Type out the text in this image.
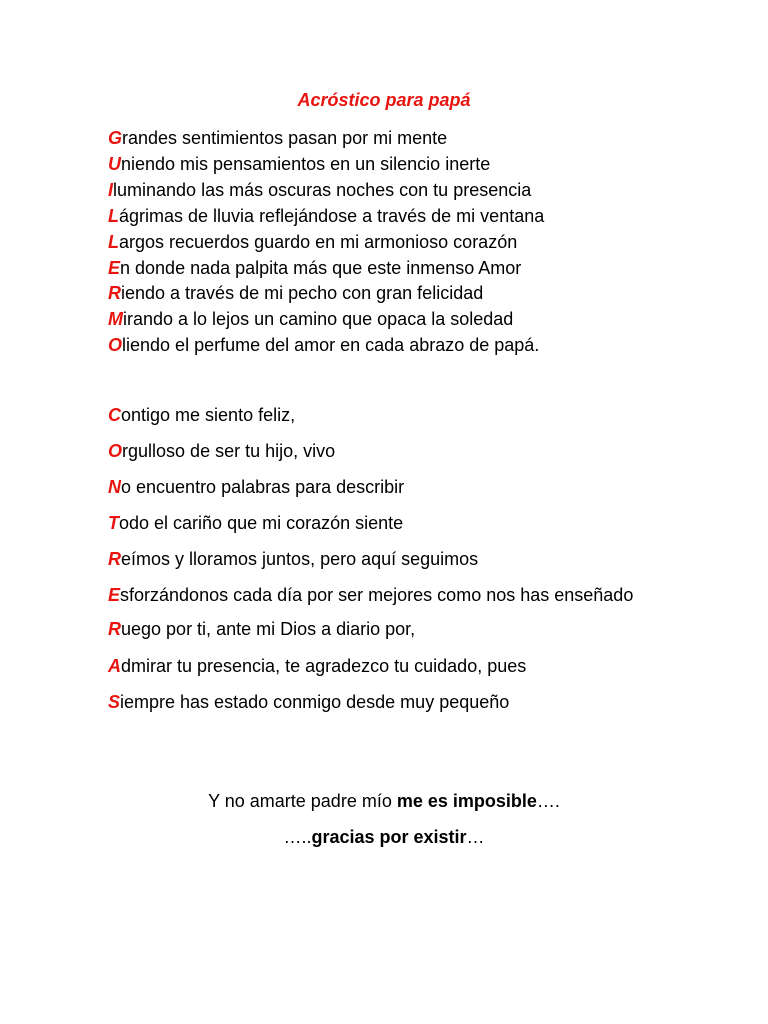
Acróstico para papá
Grandes sentimientos pasan por mi mente
Uniendo mis pensamientos en un silencio inerte
Iluminando las más oscuras noches con tu presencia
Lágrimas de lluvia reflejándose a través de mi ventana
Largos recuerdos guardo en mi armonioso corazón
En donde nada palpita más que este inmenso Amor
Riendo a través de mi pecho con gran felicidad
Mirando a lo lejos un camino que opaca la soledad
Oliendo el perfume del amor en cada abrazo de papá.
Contigo me siento feliz,
Orgulloso de ser tu hijo, vivo
No encuentro palabras para describir
Todo el cariño que mi corazón siente
Reímos y lloramos juntos, pero aquí seguimos
Esforzándonos cada día por ser mejores como nos has enseñado
Ruego por ti, ante mi Dios a diario por,
Admirar tu presencia, te agradezco tu cuidado, pues
Siempre has estado conmigo desde muy pequeño
Y no amarte padre mío me es imposible….
…..gracias por existir…
